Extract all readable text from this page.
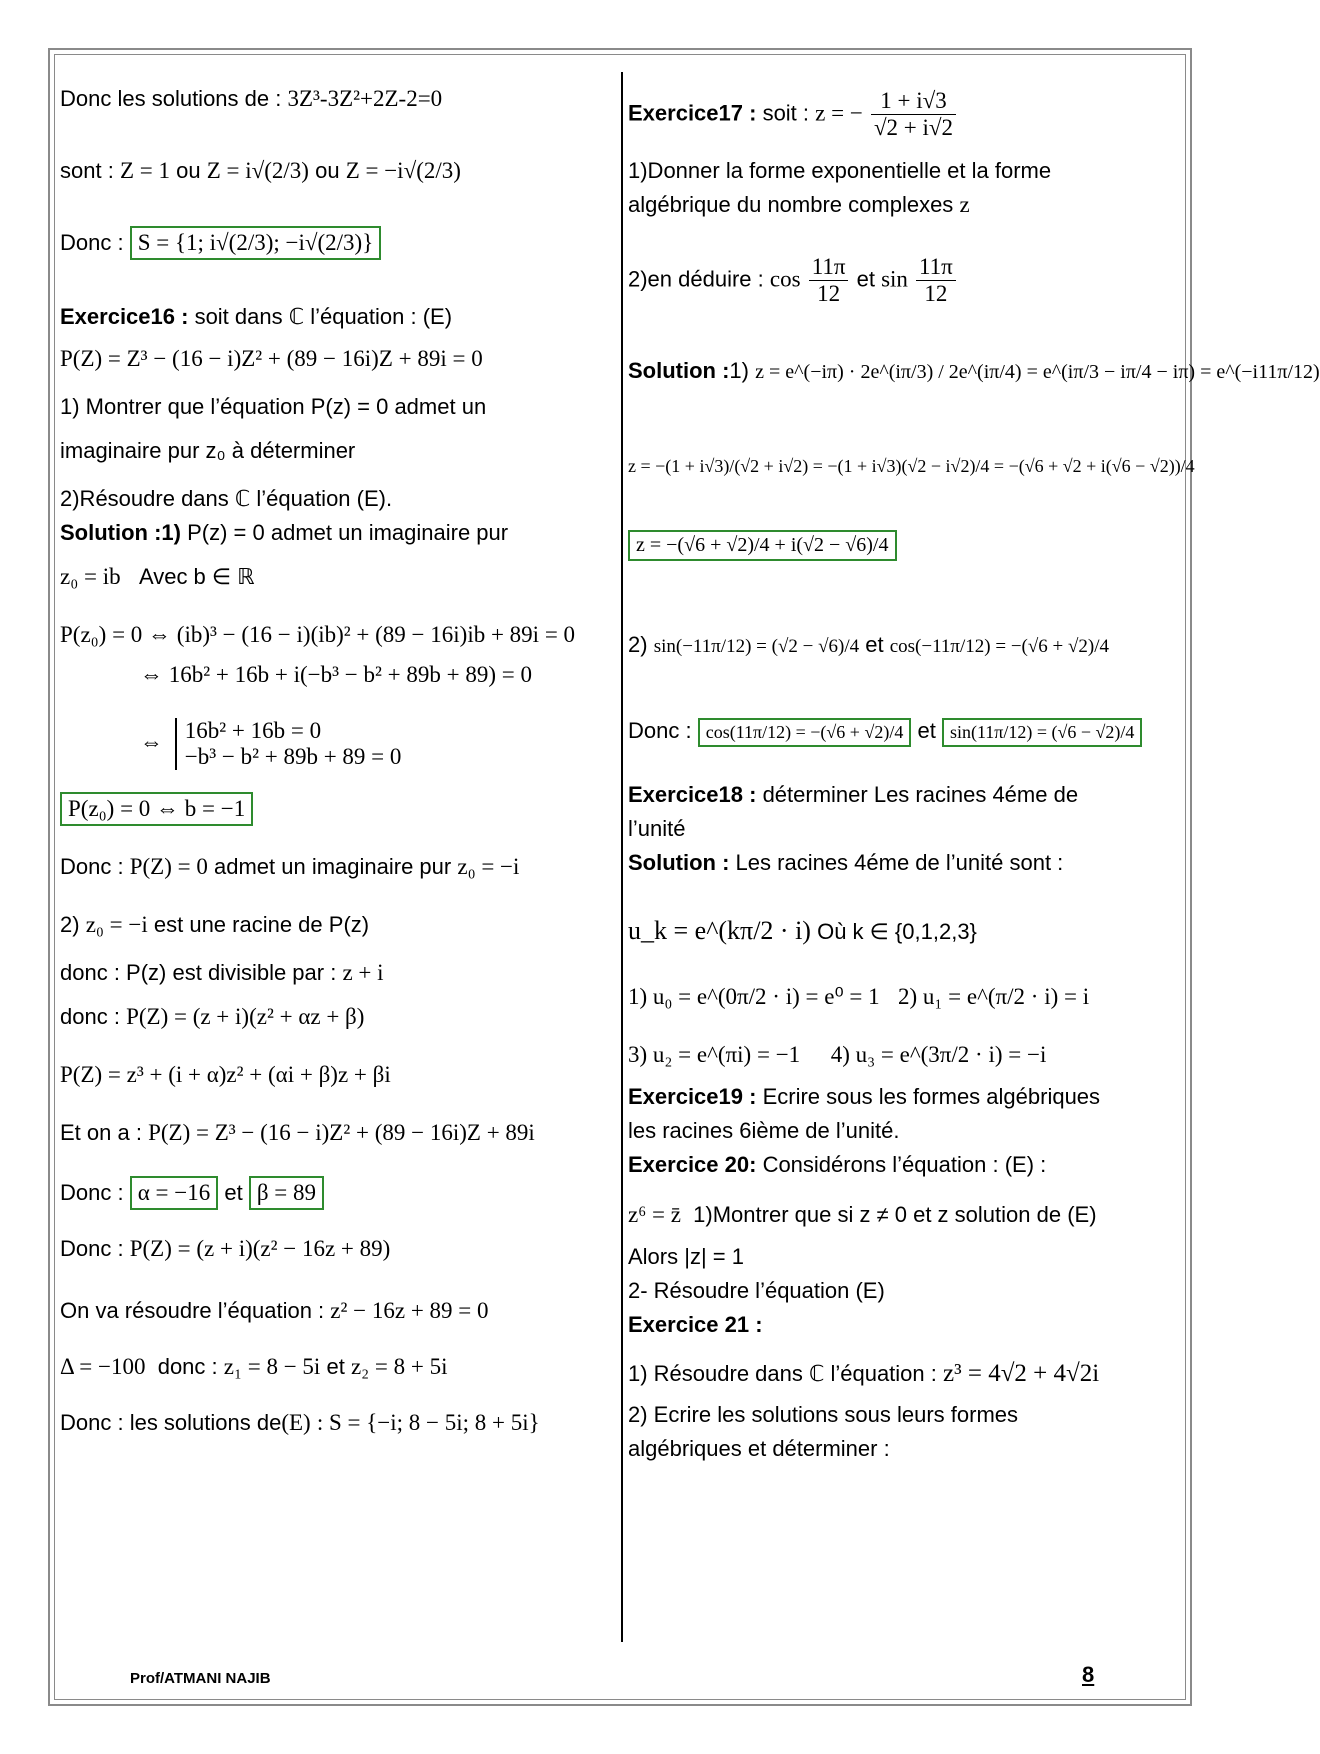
Donc les solutions de : 3Z³-3Z²+2Z-2=0
sont : Z = 1 ou Z = i√(2/3) ou Z = −i√(2/3)
Donc : S = {1; i√(2/3); −i√(2/3)}
Exercice16 : soit dans ℂ l’équation : (E)
P(Z) = Z³ − (16 − i)Z² + (89 − 16i)Z + 89i = 0
1) Montrer que l’équation P(z) = 0 admet un
imaginaire pur z₀ à déterminer
2)Résoudre dans ℂ l’équation (E).
Solution :1) P(z) = 0 admet un imaginaire pur
z₀ = ib Avec b ∈ ℝ
P(z₀) = 0 ⇔ (ib)³ − (16 − i)(ib)² + (89 − 16i)ib + 89i = 0
⇔ 16b² + 16b + i(−b³ − b² + 89b + 89) = 0
⇔ 16b² + 16b = 0
−b³ − b² + 89b + 89 = 0
P(z₀) = 0 ⇔ b = −1
Donc : P(Z) = 0 admet un imaginaire pur z₀ = −i
2) z₀ = −i est une racine de P(z)
donc : P(z) est divisible par : z + i
donc : P(Z) = (z + i)(z² + αz + β)
P(Z) = z³ + (i + α)z² + (αi + β)z + βi
Et on a : P(Z) = Z³ − (16 − i)Z² + (89 − 16i)Z + 89i
Donc : α = −16 et β = 89
Donc : P(Z) = (z + i)(z² − 16z + 89)
On va résoudre l’équation : z² − 16z + 89 = 0
Δ = −100 donc : z₁ = 8 − 5i et z₂ = 8 + 5i
Donc : les solutions de(E) : S = {−i; 8 − 5i; 8 + 5i}
Exercice17 : soit : z = − $\frac{1 + i√3}{√2 + i√2}$
1)Donner la forme exponentielle et la forme
algébrique du nombre complexes z
2)en déduire : $\cos \frac{11\pi}{12}$ et $\sin \frac{11\pi}{12}$
Solution :1) z = e^(−iπ) · 2e^(iπ/3) / 2e^(iπ/4) = e^(iπ/3 − iπ/4 − iπ) = e^(−i11π/12)
z = −(1 + i√3)/(√2 + i√2) = −(1 + i√3)(√2 − i√2)/4 = −(√6 + √2 + i(√6 − √2))/4
z = −(√6 + √2)/4 + i(√2 − √6)/4
2) sin(−11π/12) = (√2 − √6)/4 et cos(−11π/12) = −(√6 + √2)/4
Donc : cos(11π/12) = −(√6 + √2)/4 et sin(11π/12) = (√6 − √2)/4
Exercice18 : déterminer Les racines 4éme de
l’unité
Solution : Les racines 4éme de l’unité sont :
u_k = e^(kπ/2 · i) Où k ∈ {0,1,2,3}
1) u₀ = e^(0π/2 · i) = e⁰ = 1 2) u₁ = e^(π/2 · i) = i
3) u₂ = e^(πi) = −1 4) u₃ = e^(3π/2 · i) = −i
Exercice19 : Ecrire sous les formes algébriques
les racines 6ième de l’unité.
Exercice 20: Considérons l’équation : (E) :
z⁶ = z̄ 1)Montrer que si z ≠ 0 et z solution de (E)
Alors |z| = 1
2- Résoudre l’équation (E)
Exercice 21 :
1) Résoudre dans ℂ l’équation : z³ = 4√2 + 4√2i
2) Ecrire les solutions sous leurs formes
algébriques et déterminer :
Prof/ATMANI NAJIB	8
